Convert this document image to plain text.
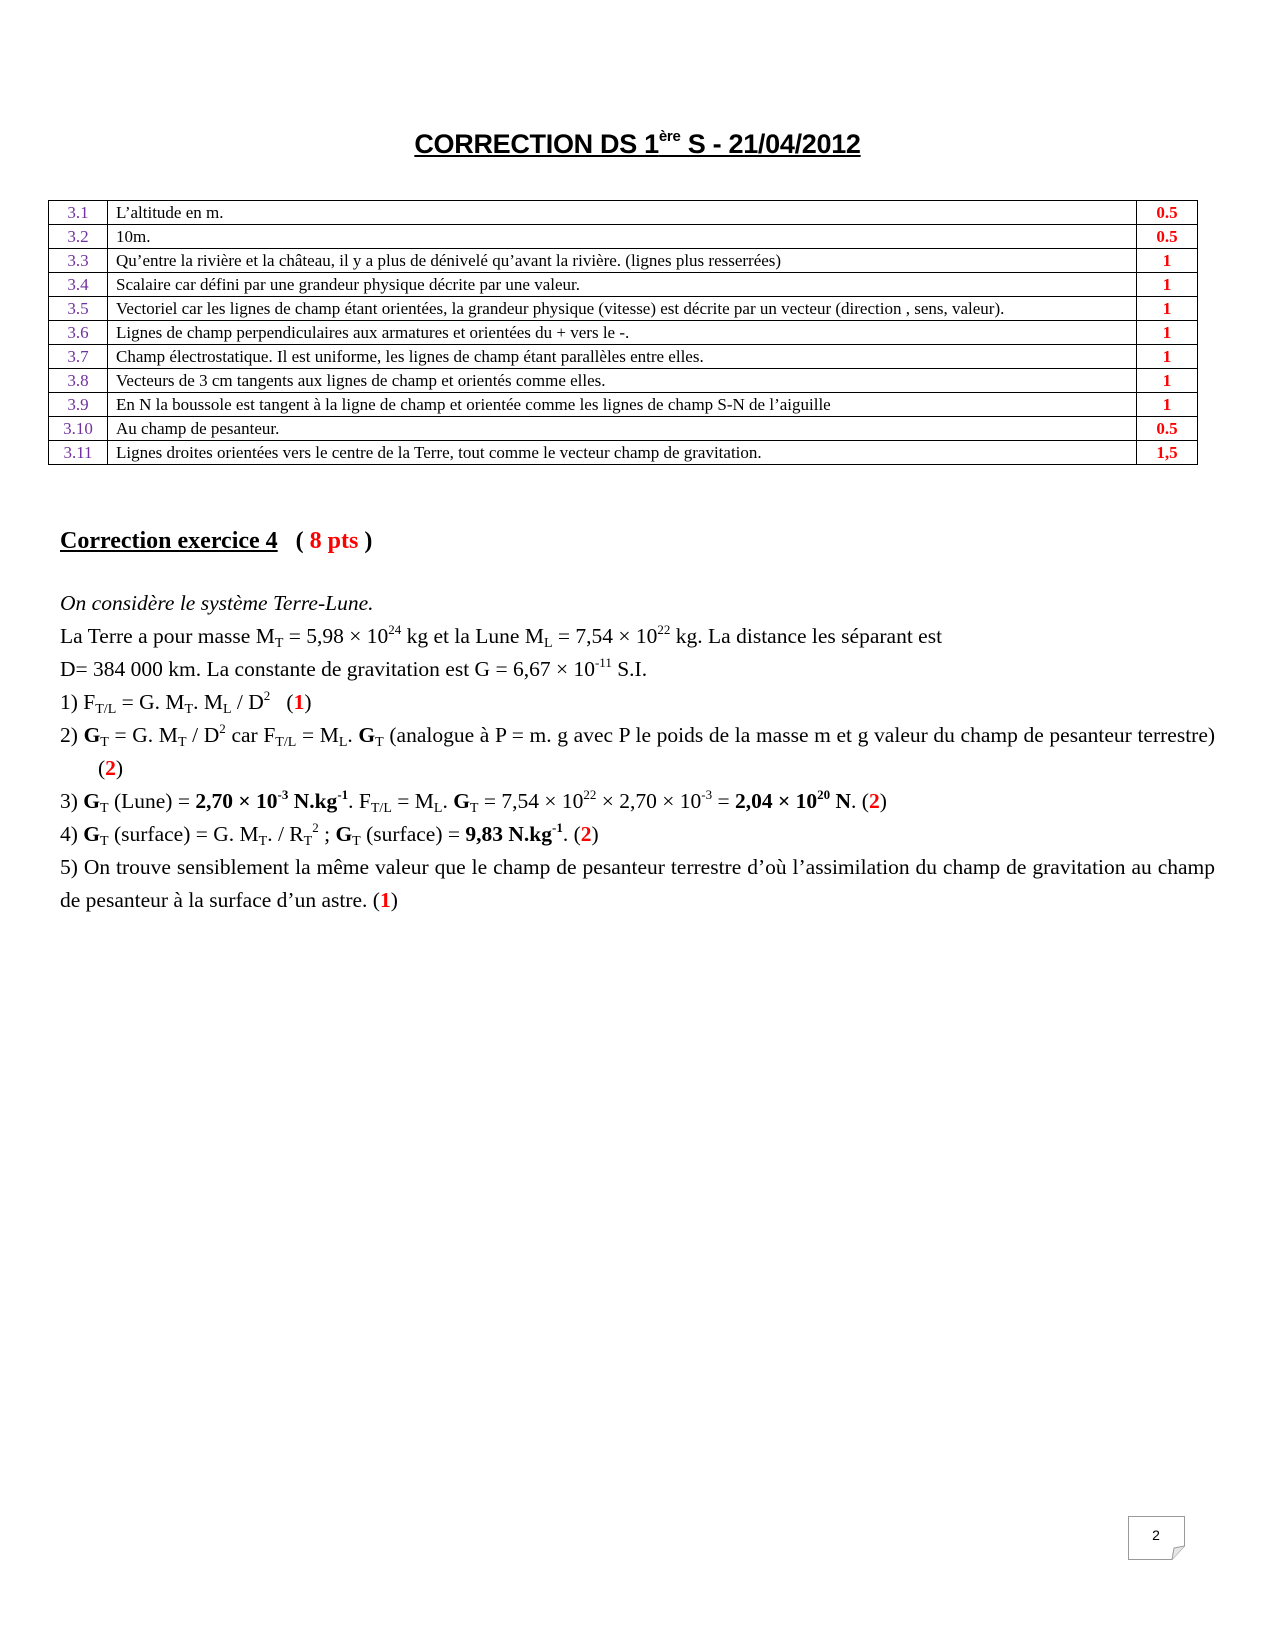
CORRECTION DS 1ère S - 21/04/2012
3.1	L’altitude en m.	0.5
3.2	10m.	0.5
3.3	Qu’entre la rivière et la château, il y a plus de dénivelé qu’avant la rivière. (lignes plus resserrées)	1
3.4	Scalaire car défini par une grandeur physique décrite par une valeur.	1
3.5	Vectoriel car les lignes de champ étant orientées, la grandeur physique (vitesse) est décrite par un vecteur (direction , sens, valeur).	1
3.6	Lignes de champ perpendiculaires aux armatures et orientées du + vers le -.	1
3.7	Champ électrostatique. Il est uniforme, les lignes de champ étant parallèles entre elles.	1
3.8	Vecteurs de 3 cm tangents aux lignes de champ et orientés comme elles.	1
3.9	En N la boussole est tangent à la ligne de champ et orientée comme les lignes de champ S-N de l’aiguille	1
3.10	Au champ de pesanteur.	0.5
3.11	Lignes droites orientées vers le centre de la Terre, tout comme le vecteur champ de gravitation.	1,5
Correction exercice 4   ( 8 pts )

On considère le système Terre-Lune.

La Terre a pour masse $M_T = 5,98 \times 10^{24}$ kg et la Lune $M_L = 7,54 \times 10^{22}$ kg. La distance les séparant est

D= 384 000 km. La constante de gravitation est $G = 6,67 \times 10^{-11}$ S.I.

1) $F_{T/L} = G$. $M_T$. $M_L / D^2$   (1)

2) $G_T = G$. $M_T / D^2$ car $F_{T/L} = M_L$. $G_T$ (analogue à P = m. g avec P le poids de la masse m et g valeur du champ de pesanteur terrestre) (2)

3) $G_T$ (Lune) = $2,70 \times 10^{-3}$ $N.kg^{-1}$. $F_{T/L} = M_L$. $G_T = 7,54 \times 10^{22} \times 2,70 \times 10^{-3} = 2,04 \times 10^{20}$ N. (2)

4) $G_T$ (surface) = G. $M_T$. / $R_T^2$ ; $G_T$ (surface) = 9,83 $N.kg^{-1}$. (2)

5) On trouve sensiblement la même valeur que le champ de pesanteur terrestre d’où l’assimilation du champ de gravitation au champ de pesanteur à la surface d’un astre. (1)

2
